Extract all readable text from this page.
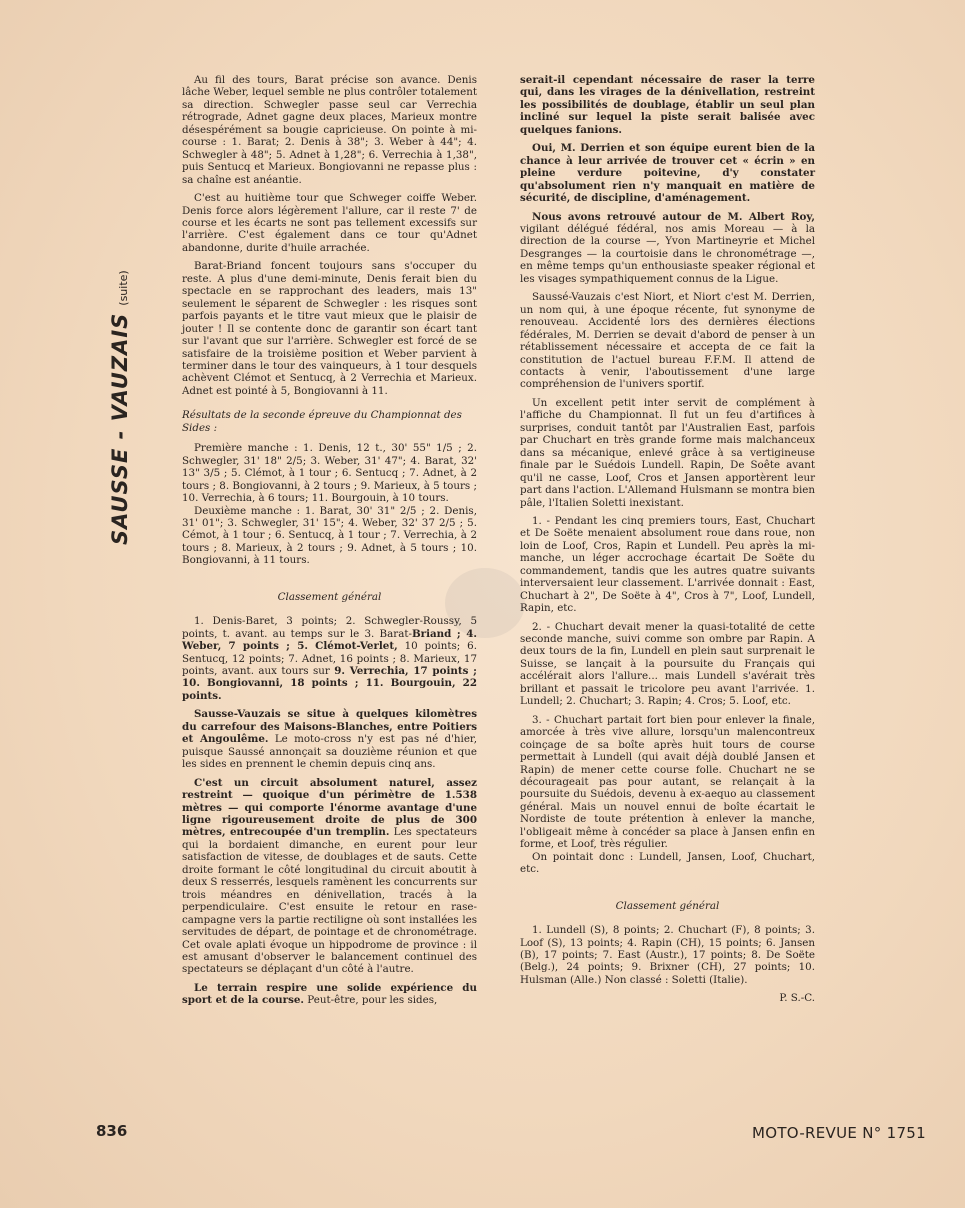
SAUSSE - VAUZAIS(suite)

Au fil des tours, Barat précise son avance. Denis lâche Weber, lequel semble ne plus contrôler totalement sa direction. Schwegler passe seul car Verrechia rétrograde, Adnet gagne deux places, Marieux montre désespérément sa bougie capricieuse. On pointe à mi-course : 1. Barat; 2. Denis à 38"; 3. Weber à 44"; 4. Schwegler à 48"; 5. Adnet à 1,28"; 6. Verrechia à 1,38", puis Sentucq et Marieux. Bongiovanni ne repasse plus : sa chaîne est anéantie.

C'est au huitième tour que Schweger coiffe Weber. Denis force alors légèrement l'allure, car il reste 7' de course et les écarts ne sont pas tellement excessifs sur l'arrière. C'est également dans ce tour qu'Adnet abandonne, durite d'huile arrachée.

Barat-Briand foncent toujours sans s'occuper du reste. A plus d'une demi-minute, Denis ferait bien du spectacle en se rapprochant des leaders, mais 13" seulement le séparent de Schwegler : les risques sont parfois payants et le titre vaut mieux que le plaisir de jouter ! Il se contente donc de garantir son écart tant sur l'avant que sur l'arrière. Schwegler est forcé de se satisfaire de la troisième position et Weber parvient à terminer dans le tour des vainqueurs, à 1 tour desquels achèvent Clémot et Sentucq, à 2 Verrechia et Marieux. Adnet est pointé à 5, Bongiovanni à 11.

Résultats de la seconde épreuve du Championnat des Sides :

Première manche : 1. Denis, 12 t., 30' 55" 1/5 ; 2. Schwegler, 31' 18" 2/5; 3. Weber, 31' 47"; 4. Barat, 32' 13" 3/5 ; 5. Clémot, à 1 tour ; 6. Sentucq ; 7. Adnet, à 2 tours ; 8. Bongiovanni, à 2 tours ; 9. Marieux, à 5 tours ; 10. Verrechia, à 6 tours; 11. Bourgouin, à 10 tours.

Deuxième manche : 1. Barat, 30' 31" 2/5 ; 2. Denis, 31' 01"; 3. Schwegler, 31' 15"; 4. Weber, 32' 37 2/5 ; 5. Cémot, à 1 tour ; 6. Sentucq, à 1 tour ; 7. Verrechia, à 2 tours ; 8. Marieux, à 2 tours ; 9. Adnet, à 5 tours ; 10. Bongiovanni, à 11 tours.

Classement général

1. Denis-Baret, 3 points; 2. Schwegler-Roussy, 5 points, t. avant. au temps sur le 3. Barat-Briand ; 4. Weber, 7 points ; 5. Clémot-Verlet, 10 points; 6. Sentucq, 12 points; 7. Adnet, 16 points ; 8. Marieux, 17 points, avant. aux tours sur 9. Verrechia, 17 points ; 10. Bongiovanni, 18 points ; 11. Bourgouin, 22 points.

Sausse-Vauzais se situe à quelques kilomètres du carrefour des Maisons-Blanches, entre Poitiers et Angoulême. Le moto-cross n'y est pas né d'hier, puisque Saussé annonçait sa douzième réunion et que les sides en prennent le chemin depuis cinq ans.

C'est un circuit absolument naturel, assez restreint — quoique d'un périmètre de 1.538 mètres — qui comporte l'énorme avantage d'une ligne rigoureusement droite de plus de 300 mètres, entrecoupée d'un tremplin. Les spectateurs qui la bordaient dimanche, en eurent pour leur satisfaction de vitesse, de doublages et de sauts. Cette droite formant le côté longitudinal du circuit aboutit à deux S resserrés, lesquels ramènent les concurrents sur trois méandres en dénivellation, tracés à la perpendiculaire. C'est ensuite le retour en rase-campagne vers la partie rectiligne où sont installées les servitudes de départ, de pointage et de chronométrage. Cet ovale aplati évoque un hippodrome de province : il est amusant d'observer le balancement continuel des spectateurs se déplaçant d'un côté à l'autre.

Le terrain respire une solide expérience du sport et de la course. Peut-être, pour les sides,

serait-il cependant nécessaire de raser la terre qui, dans les virages de la dénivellation, restreint les possibilités de doublage, établir un seul plan incliné sur lequel la piste serait balisée avec quelques fanions.

Oui, M. Derrien et son équipe eurent bien de la chance à leur arrivée de trouver cet « écrin » en pleine verdure poitevine, d'y constater qu'absolument rien n'y manquait en matière de sécurité, de discipline, d'aménagement.

Nous avons retrouvé autour de M. Albert Roy, vigilant délégué fédéral, nos amis Moreau — à la direction de la course —, Yvon Martineyrie et Michel Desgranges — la courtoisie dans le chronométrage —, en même temps qu'un enthousiaste speaker régional et les visages sympathiquement connus de la Ligue.

Saussé-Vauzais c'est Niort, et Niort c'est M. Derrien, un nom qui, à une époque récente, fut synonyme de renouveau. Accidenté lors des dernières élections fédérales, M. Derrien se devait d'abord de penser à un rétablissement nécessaire et accepta de ce fait la constitution de l'actuel bureau F.F.M. Il attend de contacts à venir, l'aboutissement d'une large compréhension de l'univers sportif.

Un excellent petit inter servit de complément à l'affiche du Championnat. Il fut un feu d'artifices à surprises, conduit tantôt par l'Australien East, parfois par Chuchart en très grande forme mais malchanceux dans sa mécanique, enlevé grâce à sa vertigineuse finale par le Suédois Lundell. Rapin, De Soête avant qu'il ne casse, Loof, Cros et Jansen apportèrent leur part dans l'action. L'Allemand Hulsmann se montra bien pâle, l'Italien Soletti inexistant.

1. - Pendant les cinq premiers tours, East, Chuchart et De Soëte menaient absolument roue dans roue, non loin de Loof, Cros, Rapin et Lundell. Peu après la mi-manche, un léger accrochage écartait De Soëte du commandement, tandis que les autres quatre suivants interversaient leur classement. L'arrivée donnait : East, Chuchart à 2", De Soëte à 4", Cros à 7", Loof, Lundell, Rapin, etc.

2. - Chuchart devait mener la quasi-totalité de cette seconde manche, suivi comme son ombre par Rapin. A deux tours de la fin, Lundell en plein saut surprenait le Suisse, se lançait à la poursuite du Français qui accélérait alors l'allure... mais Lundell s'avérait très brillant et passait le tricolore peu avant l'arrivée. 1. Lundell; 2. Chuchart; 3. Rapin; 4. Cros; 5. Loof, etc.

3. - Chuchart partait fort bien pour enlever la finale, amorcée à très vive allure, lorsqu'un malencontreux coinçage de sa boîte après huit tours de course permettait à Lundell (qui avait déjà doublé Jansen et Rapin) de mener cette course folle. Chuchart ne se décourageait pas pour autant, se relançait à la poursuite du Suédois, devenu à ex-aequo au classement général. Mais un nouvel ennui de boîte écartait le Nordiste de toute prétention à enlever la manche, l'obligeait même à concéder sa place à Jansen enfin en forme, et Loof, très régulier.

On pointait donc : Lundell, Jansen, Loof, Chuchart, etc.

Classement général

1. Lundell (S), 8 points; 2. Chuchart (F), 8 points; 3. Loof (S), 13 points; 4. Rapin (CH), 15 points; 6. Jansen (B), 17 points; 7. East (Austr.), 17 points; 8. De Soëte (Belg.), 24 points; 9. Brixner (CH), 27 points; 10. Hulsman (Alle.) Non classé : Soletti (Italie).

P. S.-C.

836	MOTO-REVUE N° 1751
